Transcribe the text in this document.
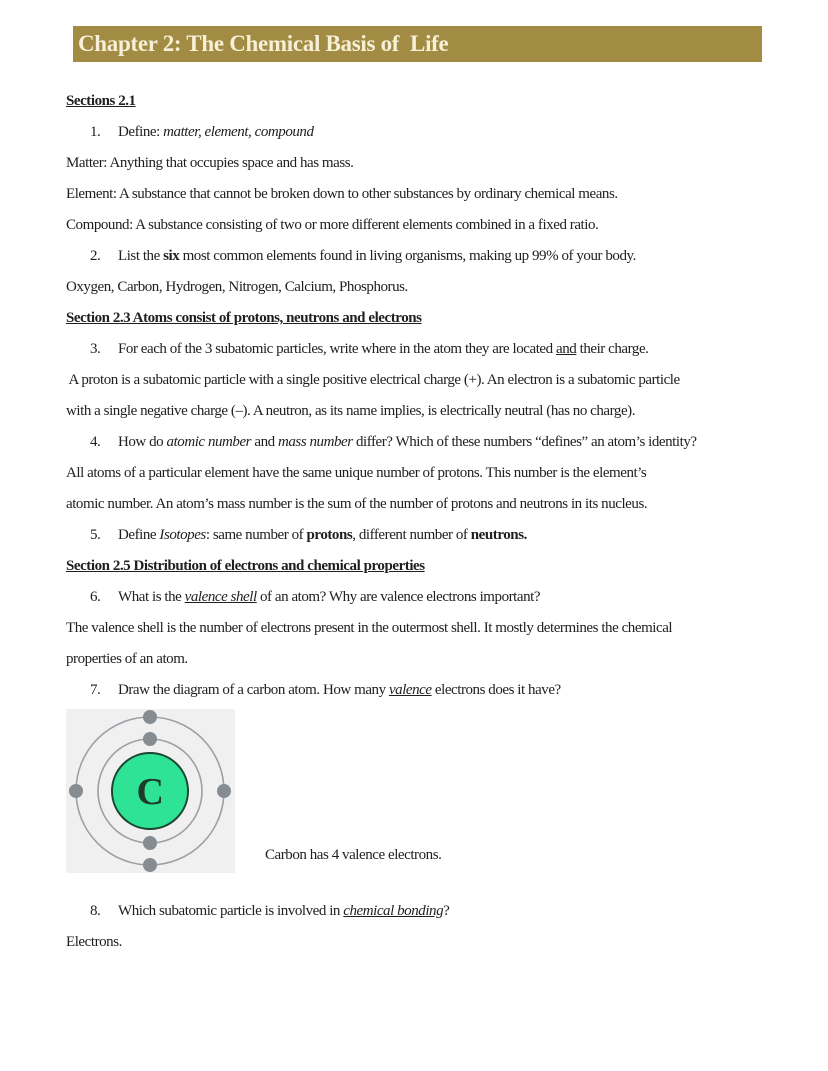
Chapter 2: The Chemical Basis of  Life
Sections 2.1
1. Define: matter, element, compound
Matter: Anything that occupies space and has mass.
Element: A substance that cannot be broken down to other substances by ordinary chemical means.
Compound: A substance consisting of two or more different elements combined in a fixed ratio.
2. List the six most common elements found in living organisms, making up 99% of your body.
Oxygen, Carbon, Hydrogen, Nitrogen, Calcium, Phosphorus.
Section 2.3 Atoms consist of protons, neutrons and electrons
3. For each of the 3 subatomic particles, write where in the atom they are located and their charge.
A proton is a subatomic particle with a single positive electrical charge (+). An electron is a subatomic particle
with a single negative charge (–). A neutron, as its name implies, is electrically neutral (has no charge).
4. How do atomic number and mass number differ? Which of these numbers “defines” an atom’s identity?
All atoms of a particular element have the same unique number of protons. This number is the element’s
atomic number. An atom’s mass number is the sum of the number of protons and neutrons in its nucleus.
5. Define Isotopes: same number of protons, different number of neutrons.
Section 2.5 Distribution of electrons and chemical properties
6. What is the valence shell of an atom? Why are valence electrons important?
The valence shell is the number of electrons present in the outermost shell. It mostly determines the chemical
properties of an atom.
7. Draw the diagram of a carbon atom. How many valence electrons does it have?
C
Carbon has 4 valence electrons.
8. Which subatomic particle is involved in chemical bonding?
Electrons.
